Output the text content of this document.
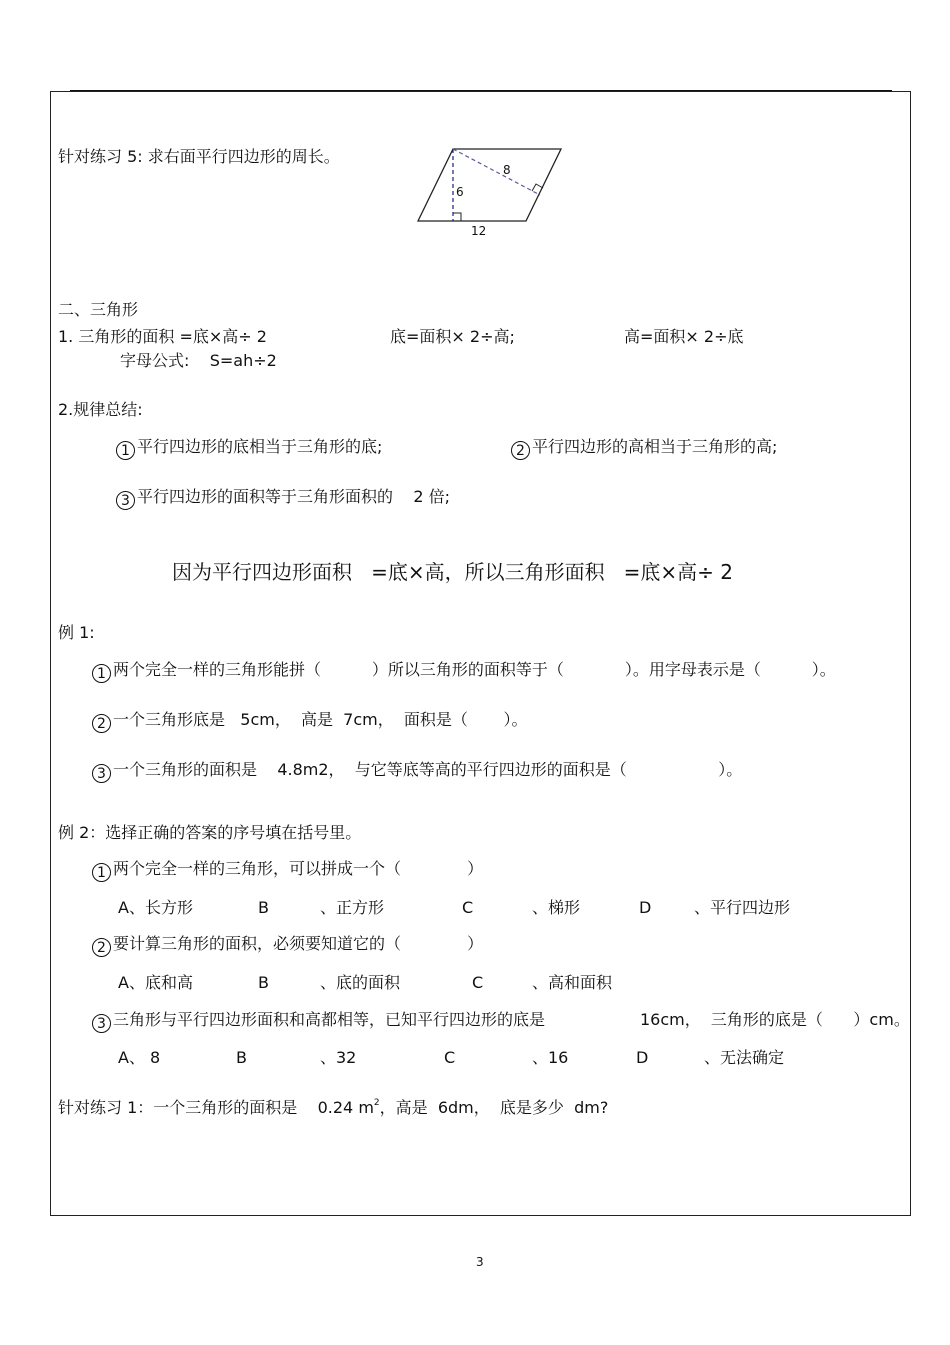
针对练习 5: 求右面平行四边形的周长。
8
6
12
二、三角形
1. 三角形的面积 =底×高÷ 2	底=面积× 2÷高;	高=面积× 2÷底
字母公式:    S=ah÷2
2.规律总结:
1 平行四边形的底相当于三角形的底;	2 平行四边形的高相当于三角形的高;
3 平行四边形的面积等于三角形面积的    2 倍;
因为平行四边形面积   =底×高，所以三角形面积   =底×高÷ 2
例 1:
1 两个完全一样的三角形能拼（          ）所以三角形的面积等于（            ）。用字母表示是（          ）。
2 一个三角形底是   5cm，  高是  7cm，  面积是（       ）。
3 一个三角形的面积是    4.8m2，  与它等底等高的平行四边形的面积是（                  ）。
例 2：选择正确的答案的序号填在括号里。
1 两个完全一样的三角形，可以拼成一个（             ）
A、长方形	B	、正方形	C	、梯形	D	、平行四边形
2 要计算三角形的面积，必须要知道它的（             ）
A、底和高	B	、底的面积	C	、高和面积
3 三角形与平行四边形面积和高都相等，已知平行四边形的底是	16cm，  三角形的底是（      ）cm。
A、 8	B	、32	C	、16	D	、无法确定
针对练习 1：一个三角形的面积是    0.24 $m^2$，高是  6dm，  底是多少  dm?
3
